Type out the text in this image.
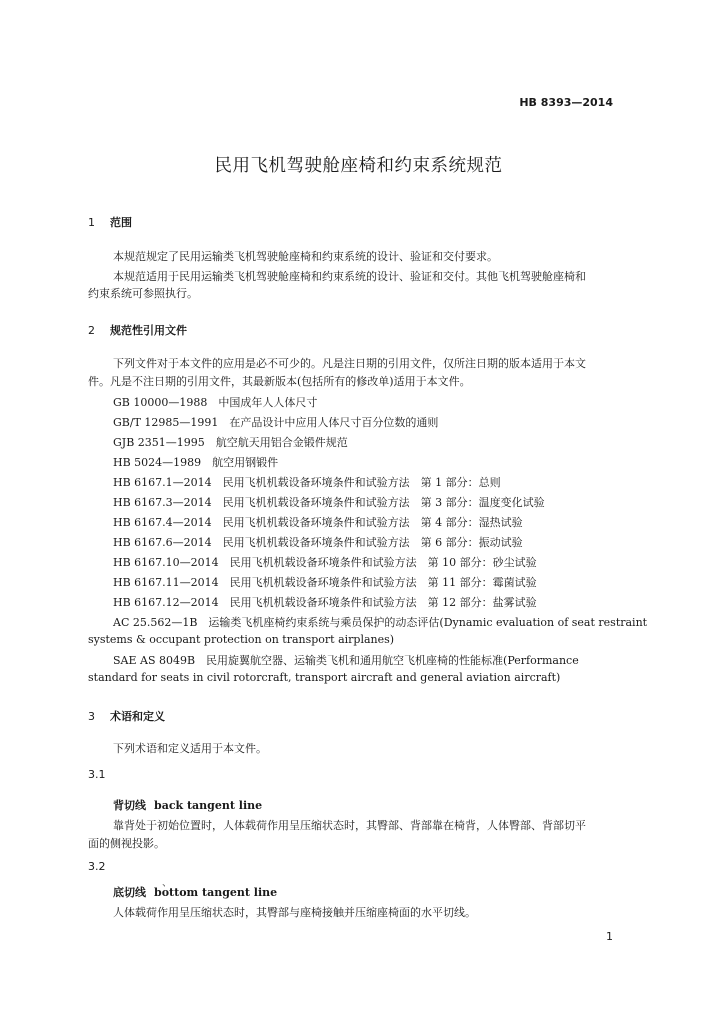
HB 8393—2014
民用飞机驾驶舱座椅和约束系统规范
1 范围
本规范规定了民用运输类飞机驾驶舱座椅和约束系统的设计、验证和交付要求。
本规范适用于民用运输类飞机驾驶舱座椅和约束系统的设计、验证和交付。其他飞机驾驶舱座椅和
约束系统可参照执行。
2 规范性引用文件
下列文件对于本文件的应用是必不可少的。凡是注日期的引用文件，仅所注日期的版本适用于本文
件。凡是不注日期的引用文件，其最新版本(包括所有的修改单)适用于本文件。
GB 10000—1988　中国成年人人体尺寸
GB/T 12985—1991　在产品设计中应用人体尺寸百分位数的通则
GJB 2351—1995　航空航天用铝合金锻件规范
HB 5024—1989　航空用钢锻件
HB 6167.1—2014　民用飞机机载设备环境条件和试验方法　第 1 部分：总则
HB 6167.3—2014　民用飞机机载设备环境条件和试验方法　第 3 部分：温度变化试验
HB 6167.4—2014　民用飞机机载设备环境条件和试验方法　第 4 部分：湿热试验
HB 6167.6—2014　民用飞机机载设备环境条件和试验方法　第 6 部分：振动试验
HB 6167.10—2014　民用飞机机载设备环境条件和试验方法　第 10 部分：砂尘试验
HB 6167.11—2014　民用飞机机载设备环境条件和试验方法　第 11 部分：霉菌试验
HB 6167.12—2014　民用飞机机载设备环境条件和试验方法　第 12 部分：盐雾试验
AC 25.562—1B　运输类飞机座椅约束系统与乘员保护的动态评估(Dynamic evaluation of seat restraint
systems & occupant protection on transport airplanes)
SAE AS 8049B　民用旋翼航空器、运输类飞机和通用航空飞机座椅的性能标准(Performance
standard for seats in civil rotorcraft, transport aircraft and general aviation aircraft)
3 术语和定义
下列术语和定义适用于本文件。
3.1
背切线 back tangent line
靠背处于初始位置时，人体载荷作用呈压缩状态时，其臀部、背部靠在椅背，人体臀部、背部切平
面的侧视投影。
3.2
、
底切线 bottom tangent line
人体载荷作用呈压缩状态时，其臀部与座椅接触并压缩座椅面的水平切线。
1
